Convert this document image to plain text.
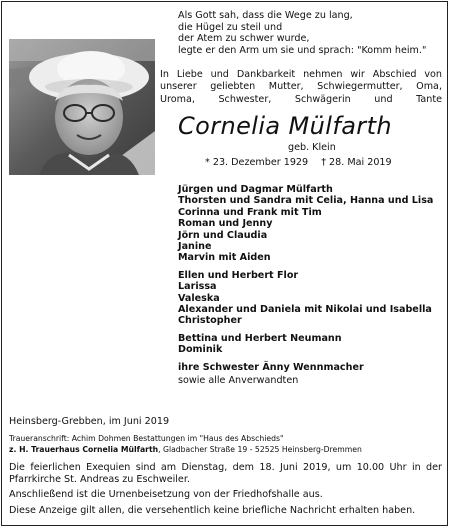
Als Gott sah, dass die Wege zu lang,
die Hügel zu steil und
der Atem zu schwer wurde,
legte er den Arm um sie und sprach: "Komm heim."
In Liebe und Dankbarkeit nehmen wir Abschied von
unserer geliebten Mutter, Schwiegermutter, Oma,
Uroma, Schwester, Schwägerin und Tante
Cornelia Mülfarth
geb. Klein
* 23. Dezember 1929 † 28. Mai 2019
Jürgen und Dagmar Mülfarth
Thorsten und Sandra mit Celia, Hanna und Lisa
Corinna und Frank mit Tim
Roman und Jenny
Jörn und Claudia
Janine
Marvin mit Aiden
Ellen und Herbert Flor
Larissa
Valeska
Alexander und Daniela mit Nikolai und Isabella
Christopher
Bettina und Herbert Neumann
Dominik
ihre Schwester Änny Wennmacher
sowie alle Anverwandten
Heinsberg-Grebben, im Juni 2019
Traueranschrift: Achim Dohmen Bestattungen im "Haus des Abschieds"
z. H. Trauerhaus Cornelia Mülfarth, Gladbacher Straße 19 - 52525 Heinsberg-Dremmen
Die feierlichen Exequien sind am Dienstag, dem 18. Juni 2019, um 10.00 Uhr in der
Pfarrkirche St. Andreas zu Eschweiler.
Anschließend ist die Urnenbeisetzung von der Friedhofshalle aus.
Diese Anzeige gilt allen, die versehentlich keine briefliche Nachricht erhalten haben.
